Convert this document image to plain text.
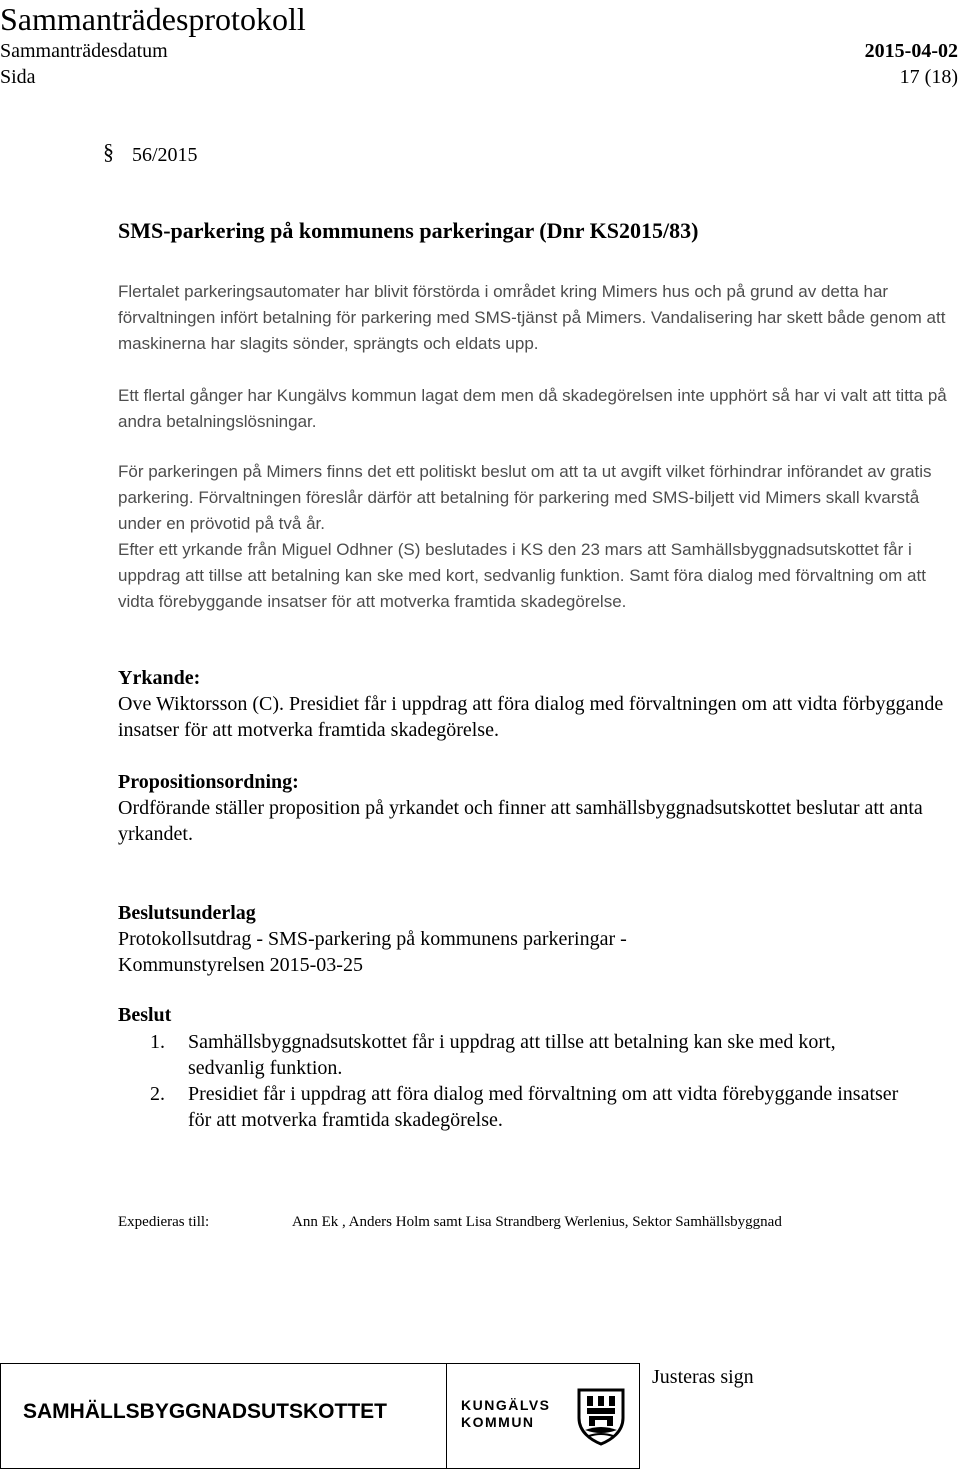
Sammanträdesprotokoll
Sammanträdesdatum	2015-04-02
Sida	17 (18)
§ 56/2015
SMS-parkering på kommunens parkeringar (Dnr KS2015/83)

Flertalet parkeringsautomater har blivit förstörda i området kring Mimers hus och på grund av detta har förvaltningen infört betalning för parkering med SMS-tjänst på Mimers. Vandalisering har skett både genom att maskinerna har slagits sönder, sprängts och eldats upp.

Ett flertal gånger har Kungälvs kommun lagat dem men då skadegörelsen inte upphört så har vi valt att titta på andra betalningslösningar.

För parkeringen på Mimers finns det ett politiskt beslut om att ta ut avgift vilket förhindrar införandet av gratis parkering. Förvaltningen föreslår därför att betalning för parkering med SMS-biljett vid Mimers skall kvarstå under en prövotid på två år.

Efter ett yrkande från Miguel Odhner (S) beslutades i KS den 23 mars att Samhällsbyggnadsutskottet får i uppdrag att tillse att betalning kan ske med kort, sedvanlig funktion. Samt föra dialog med förvaltning om att vidta förebyggande insatser för att motverka framtida skadegörelse.

Yrkande:

Ove Wiktorsson (C). Presidiet får i uppdrag att föra dialog med förvaltningen om att vidta förbyggande insatser för att motverka framtida skadegörelse.

Propositionsordning:

Ordförande ställer proposition på yrkandet och finner att samhällsbyggnadsutskottet beslutar att anta yrkandet.

Beslutsunderlag
Protokollsutdrag - SMS-parkering på kommunens parkeringar -
Kommunstyrelsen 2015-03-25
Beslut
1.	Samhällsbyggnadsutskottet får i uppdrag att tillse att betalning kan ske med kort, sedvanlig funktion.
2.	Presidiet får i uppdrag att föra dialog med förvaltning om att vidta förebyggande insatser för att motverka framtida skadegörelse.
Expedieras till:	Ann Ek , Anders Holm samt Lisa Strandberg Werlenius, Sektor Samhällsbyggnad
SAMHÄLLSBYGGNADSUTSKOTTET	KUNGÄLVS
KOMMUN
Justeras sign
